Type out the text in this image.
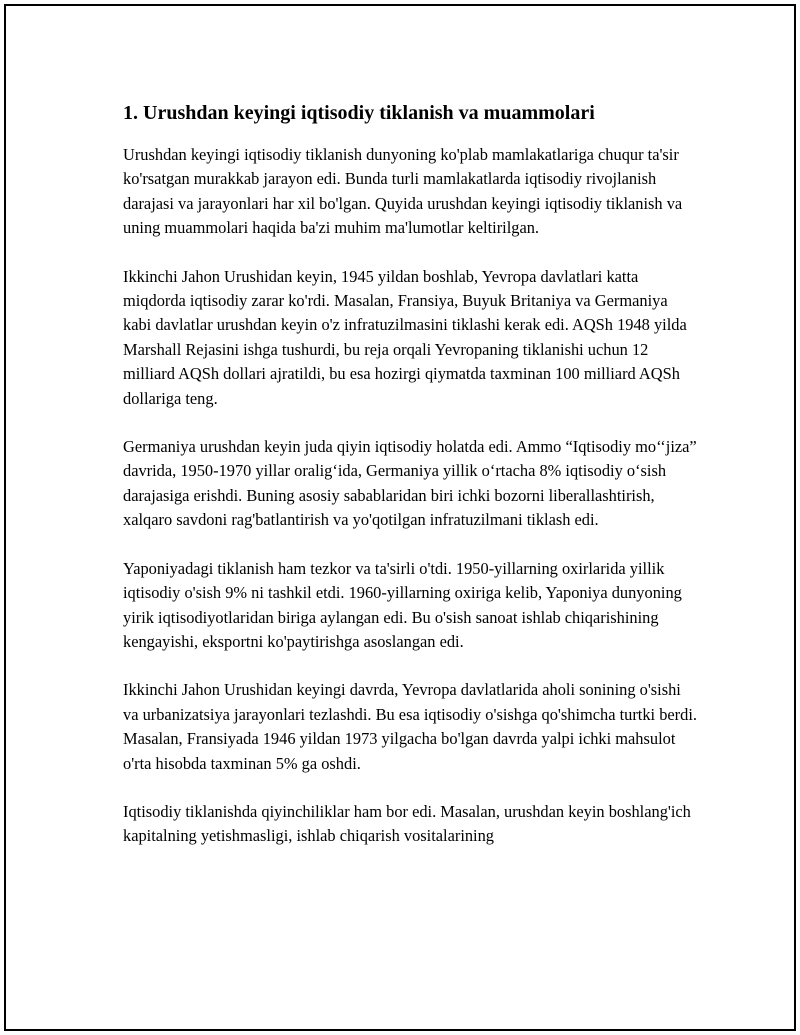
1. Urushdan keyingi iqtisodiy tiklanish va muammolari

Urushdan keyingi iqtisodiy tiklanish dunyoning ko'plab mamlakatlariga chuqur ta'sir ko'rsatgan murakkab jarayon edi. Bunda turli mamlakatlarda iqtisodiy rivojlanish darajasi va jarayonlari har xil bo'lgan. Quyida urushdan keyingi iqtisodiy tiklanish va uning muammolari haqida ba'zi muhim ma'lumotlar keltirilgan.

Ikkinchi Jahon Urushidan keyin, 1945 yildan boshlab, Yevropa davlatlari katta miqdorda iqtisodiy zarar ko'rdi. Masalan, Fransiya, Buyuk Britaniya va Germaniya kabi davlatlar urushdan keyin o'z infratuzilmasini tiklashi kerak edi. AQSh 1948 yilda Marshall Rejasini ishga tushurdi, bu reja orqali Yevropaning tiklanishi uchun 12 milliard AQSh dollari ajratildi, bu esa hozirgi qiymatda taxminan 100 milliard AQSh dollariga teng.

Germaniya urushdan keyin juda qiyin iqtisodiy holatda edi. Ammo “Iqtisodiy mo‘‘jiza” davrida, 1950-1970 yillar oralig‘ida, Germaniya yillik o‘rtacha 8% iqtisodiy o‘sish darajasiga erishdi. Buning asosiy sabablaridan biri ichki bozorni liberallashtirish, xalqaro savdoni rag'batlantirish va yo'qotilgan infratuzilmani tiklash edi.

Yaponiyadagi tiklanish ham tezkor va ta'sirli o'tdi. 1950-yillarning oxirlarida yillik iqtisodiy o'sish 9% ni tashkil etdi. 1960-yillarning oxiriga kelib, Yaponiya dunyoning yirik iqtisodiyotlaridan biriga aylangan edi. Bu o'sish sanoat ishlab chiqarishining kengayishi, eksportni ko'paytirishga asoslangan edi.

Ikkinchi Jahon Urushidan keyingi davrda, Yevropa davlatlarida aholi sonining o'sishi va urbanizatsiya jarayonlari tezlashdi. Bu esa iqtisodiy o'sishga qo'shimcha turtki berdi. Masalan, Fransiyada 1946 yildan 1973 yilgacha bo'lgan davrda yalpi ichki mahsulot o'rta hisobda taxminan 5% ga oshdi.

Iqtisodiy tiklanishda qiyinchiliklar ham bor edi. Masalan, urushdan keyin boshlang'ich kapitalning yetishmasligi, ishlab chiqarish vositalarining
